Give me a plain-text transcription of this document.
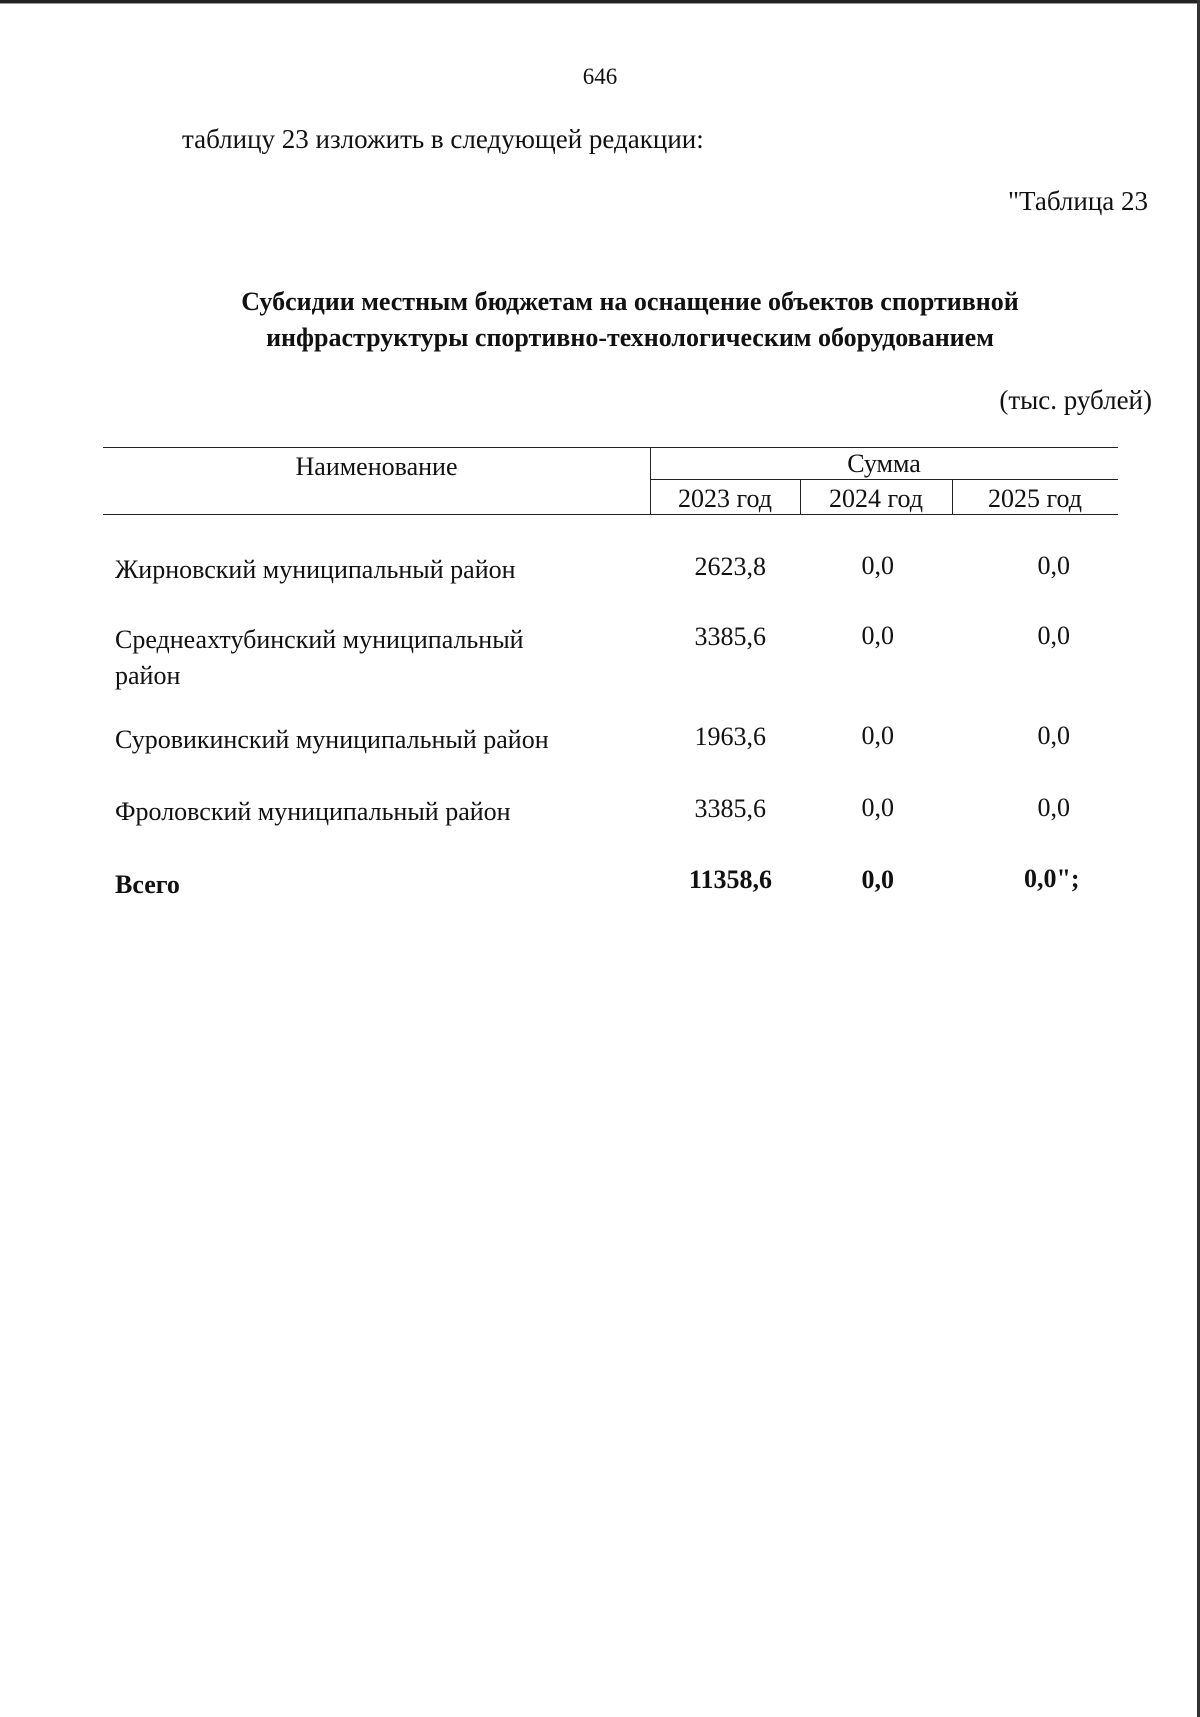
646
таблицу 23 изложить в следующей редакции:
"Таблица 23
Субсидии местным бюджетам на оснащение объектов спортивной
инфраструктуры спортивно-технологическим оборудованием
(тыс. рублей)
Наименование	Сумма
2023 год	2024 год	2025 год
Жирновский муниципальный район	2623,8	0,0	0,0
Среднеахтубинский муниципальный
район
3385,6	0,0	0,0
Суровикинский муниципальный район	1963,6	0,0	0,0
Фроловский муниципальный район	3385,6	0,0	0,0
Всего	11358,6	0,0	0,0";
